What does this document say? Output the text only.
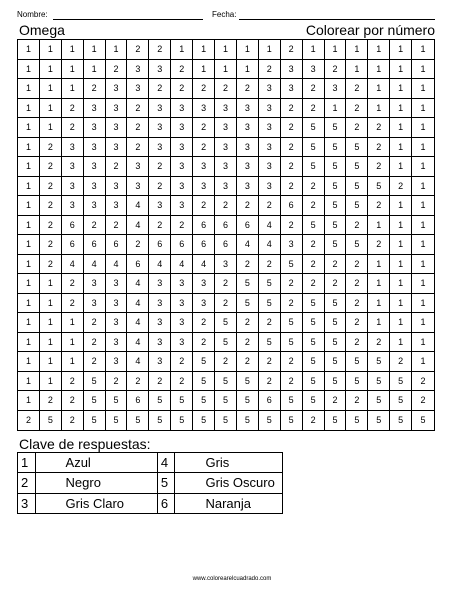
Nombre:	Fecha:
Omega	Colorear por número
1	1	1	1	1	2	2	1	1	1	1	1	2	1	1	1	1	1	1
1	1	1	1	2	3	3	2	1	1	1	2	3	3	2	1	1	1	1
1	1	1	2	3	3	2	2	2	2	2	3	3	2	3	2	1	1	1
1	1	2	3	3	2	3	3	3	3	3	3	2	2	1	2	1	1	1
1	1	2	3	3	2	3	3	2	3	3	3	2	5	5	2	2	1	1
1	2	3	3	3	2	3	3	2	3	3	3	2	5	5	5	2	1	1
1	2	3	3	2	3	2	3	3	3	3	3	2	5	5	5	2	1	1
1	2	3	3	3	3	2	3	3	3	3	3	2	2	5	5	5	2	1
1	2	3	3	3	4	3	3	2	2	2	2	6	2	5	5	2	1	1
1	2	6	2	2	4	2	2	6	6	6	4	2	5	5	2	1	1	1
1	2	6	6	6	2	6	6	6	6	4	4	3	2	5	5	2	1	1
1	2	4	4	4	6	4	4	4	3	2	2	5	2	2	2	1	1	1
1	1	2	3	3	4	3	3	3	2	5	5	2	2	2	2	1	1	1
1	1	2	3	3	4	3	3	3	2	5	5	2	5	5	2	1	1	1
1	1	1	2	3	4	3	3	2	5	2	2	5	5	5	2	1	1	1
1	1	1	2	3	4	3	3	2	5	2	5	5	5	5	2	2	1	1
1	1	1	2	3	4	3	2	5	2	2	2	2	5	5	5	5	2	1
1	1	2	5	2	2	2	2	5	5	5	2	2	5	5	5	5	5	2
1	2	2	5	5	6	5	5	5	5	5	6	5	5	2	2	5	5	2
2	5	2	5	5	5	5	5	5	5	5	5	5	2	5	5	5	5	5
Clave de respuestas:
1	Azul	4	Gris
2	Negro	5	Gris Oscuro
3	Gris Claro	6	Naranja
www.colorearelcuadrado.com
